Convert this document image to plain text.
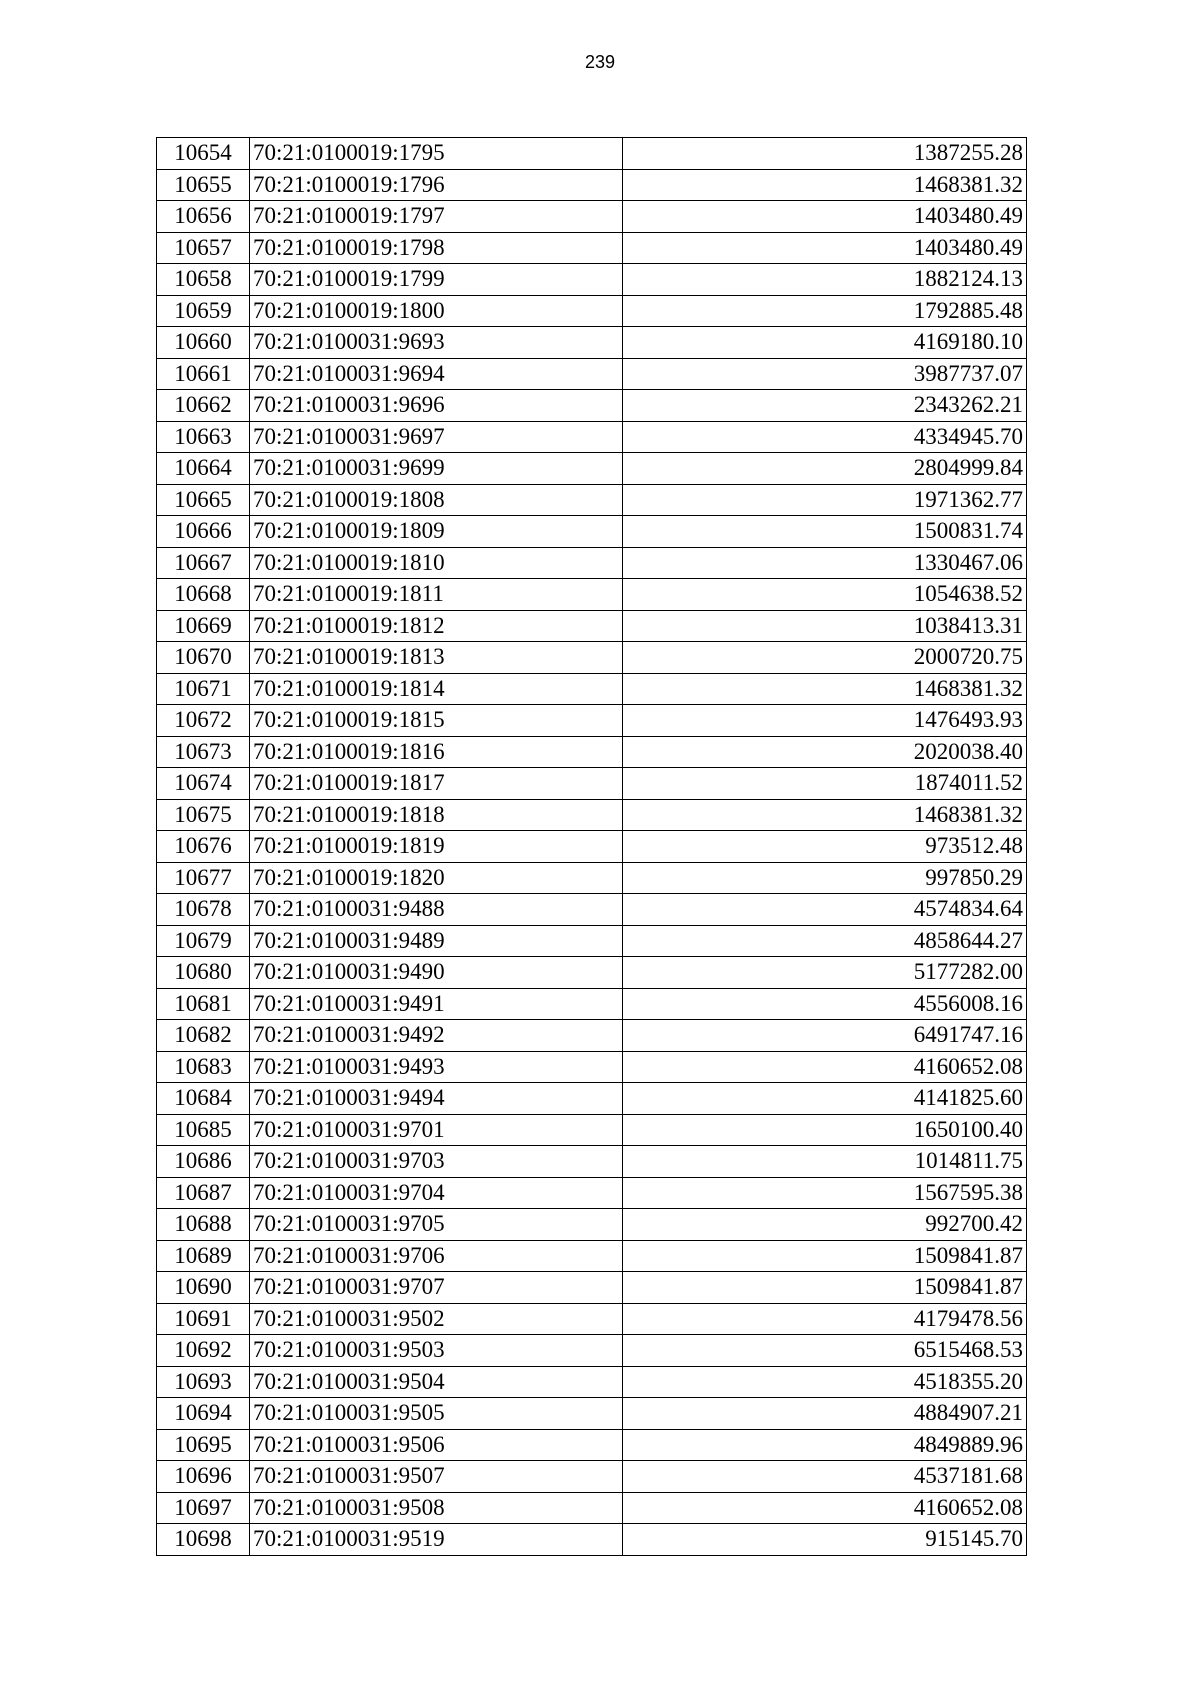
239
10654	70:21:0100019:1795	1387255.28
10655	70:21:0100019:1796	1468381.32
10656	70:21:0100019:1797	1403480.49
10657	70:21:0100019:1798	1403480.49
10658	70:21:0100019:1799	1882124.13
10659	70:21:0100019:1800	1792885.48
10660	70:21:0100031:9693	4169180.10
10661	70:21:0100031:9694	3987737.07
10662	70:21:0100031:9696	2343262.21
10663	70:21:0100031:9697	4334945.70
10664	70:21:0100031:9699	2804999.84
10665	70:21:0100019:1808	1971362.77
10666	70:21:0100019:1809	1500831.74
10667	70:21:0100019:1810	1330467.06
10668	70:21:0100019:1811	1054638.52
10669	70:21:0100019:1812	1038413.31
10670	70:21:0100019:1813	2000720.75
10671	70:21:0100019:1814	1468381.32
10672	70:21:0100019:1815	1476493.93
10673	70:21:0100019:1816	2020038.40
10674	70:21:0100019:1817	1874011.52
10675	70:21:0100019:1818	1468381.32
10676	70:21:0100019:1819	973512.48
10677	70:21:0100019:1820	997850.29
10678	70:21:0100031:9488	4574834.64
10679	70:21:0100031:9489	4858644.27
10680	70:21:0100031:9490	5177282.00
10681	70:21:0100031:9491	4556008.16
10682	70:21:0100031:9492	6491747.16
10683	70:21:0100031:9493	4160652.08
10684	70:21:0100031:9494	4141825.60
10685	70:21:0100031:9701	1650100.40
10686	70:21:0100031:9703	1014811.75
10687	70:21:0100031:9704	1567595.38
10688	70:21:0100031:9705	992700.42
10689	70:21:0100031:9706	1509841.87
10690	70:21:0100031:9707	1509841.87
10691	70:21:0100031:9502	4179478.56
10692	70:21:0100031:9503	6515468.53
10693	70:21:0100031:9504	4518355.20
10694	70:21:0100031:9505	4884907.21
10695	70:21:0100031:9506	4849889.96
10696	70:21:0100031:9507	4537181.68
10697	70:21:0100031:9508	4160652.08
10698	70:21:0100031:9519	915145.70
